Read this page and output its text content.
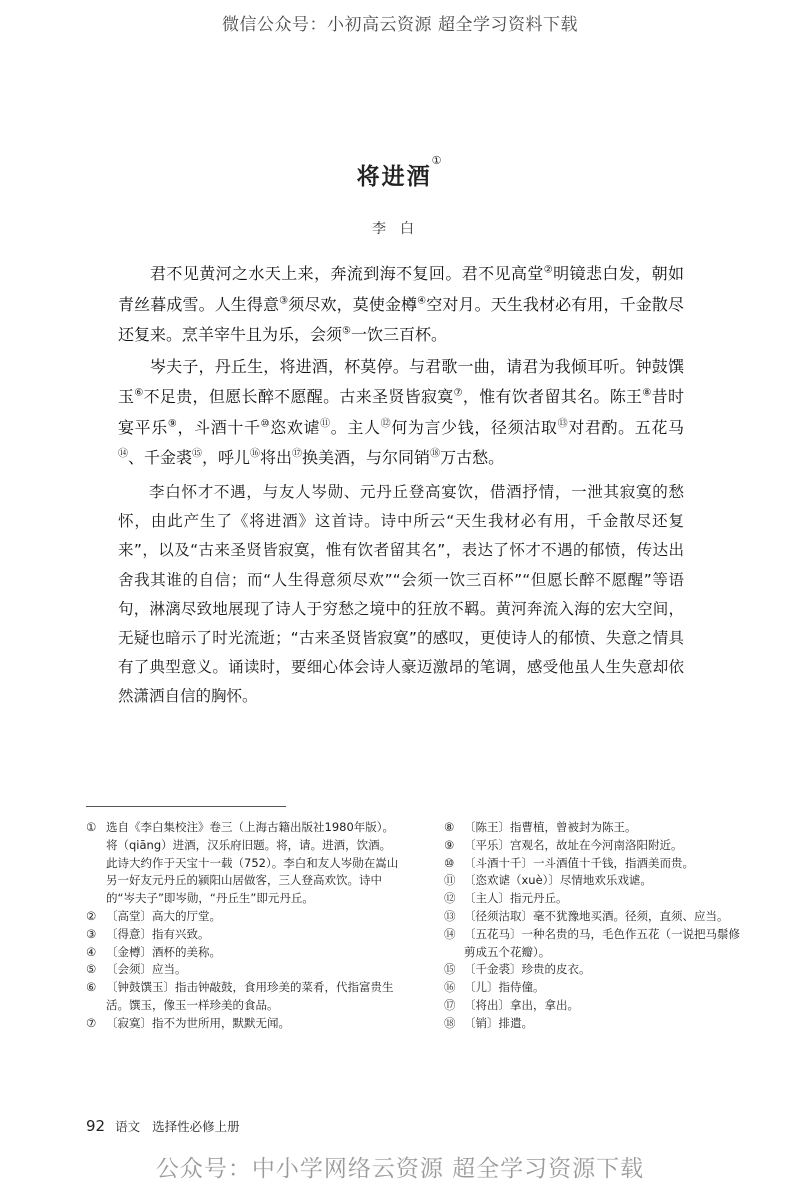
微信公众号：小初高云资源 超全学习资料下载
将进酒①
李白

君不见黄河之水天上来，奔流到海不复回。君不见高堂②明镜悲白发，朝如青丝暮成雪。人生得意③须尽欢，莫使金樽④空对月。天生我材必有用，千金散尽还复来。烹羊宰牛且为乐，会须⑤一饮三百杯。

岑夫子，丹丘生，将进酒，杯莫停。与君歌一曲，请君为我倾耳听。钟鼓馔玉⑥不足贵，但愿长醉不愿醒。古来圣贤皆寂寞⑦，惟有饮者留其名。陈王⑧昔时宴平乐⑨，斗酒十千⑩恣欢谑⑪。主人⑫何为言少钱，径须沽取⑬对君酌。五花马⑭、千金裘⑮，呼儿⑯将出⑰换美酒，与尔同销⑱万古愁。

李白怀才不遇，与友人岑勋、元丹丘登高宴饮，借酒抒情，一泄其寂寞的愁怀，由此产生了《将进酒》这首诗。诗中所云“天生我材必有用，千金散尽还复来”，以及“古来圣贤皆寂寞，惟有饮者留其名”，表达了怀才不遇的郁愤，传达出舍我其谁的自信；而“人生得意须尽欢”“会须一饮三百杯”“但愿长醉不愿醒”等语句，淋漓尽致地展现了诗人于穷愁之境中的狂放不羁。黄河奔流入海的宏大空间，无疑也暗示了时光流逝；“古来圣贤皆寂寞”的感叹，更使诗人的郁愤、失意之情具有了典型意义。诵读时，要细心体会诗人豪迈激昂的笔调，感受他虽人生失意却依然潇洒自信的胸怀。

① 选自《李白集校注》卷三（上海古籍出版社1980年版）。将（qiāng）进酒，汉乐府旧题。将，请。进酒，饮酒。此诗大约作于天宝十一载（752）。李白和友人岑勋在嵩山另一好友元丹丘的颍阳山居做客，三人登高欢饮。诗中的“岑夫子”即岑勋，“丹丘生”即元丹丘。
② 〔高堂〕高大的厅堂。
③ 〔得意〕指有兴致。
④ 〔金樽〕酒杯的美称。
⑤ 〔会须〕应当。
⑥ 〔钟鼓馔玉〕指击钟敲鼓，食用珍美的菜肴，代指富贵生活。馔玉，像玉一样珍美的食品。
⑦ 〔寂寞〕指不为世所用，默默无闻。
⑧ 〔陈王〕指曹植，曾被封为陈王。
⑨ 〔平乐〕宫观名，故址在今河南洛阳附近。
⑩ 〔斗酒十千〕一斗酒值十千钱，指酒美而贵。
⑪ 〔恣欢谑（xuè）〕尽情地欢乐戏谑。
⑫ 〔主人〕指元丹丘。
⑬ 〔径须沽取〕毫不犹豫地买酒。径须，直须、应当。
⑭ 〔五花马〕一种名贵的马，毛色作五花（一说把马鬃修剪成五个花瓣）。
⑮ 〔千金裘〕珍贵的皮衣。
⑯ 〔儿〕指侍僮。
⑰ 〔将出〕拿出，拿出。
⑱ 〔销〕排遣。
92 语文 选择性必修上册
公众号：中小学网络云资源 超全学习资源下载
